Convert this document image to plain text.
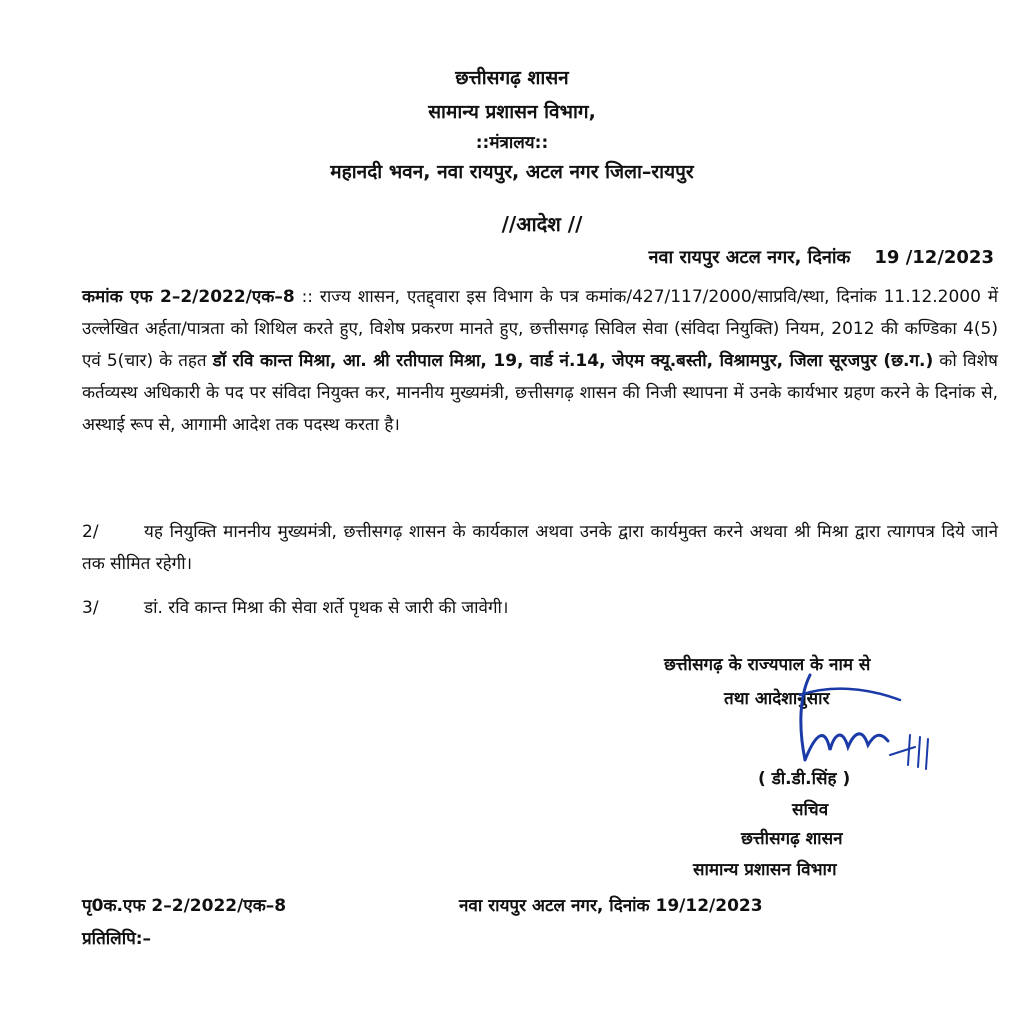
छत्तीसगढ़ शासन
सामान्य प्रशासन विभाग,
::मंत्रालय::
महानदी भवन, नवा रायपुर, अटल नगर जिला–रायपुर
//आदेश //
नवा रायपुर अटल नगर, दिनांक 19 /12/2023
कमांक एफ 2–2/2022/एक–8 :: राज्य शासन, एतद्द्वारा इस विभाग के पत्र कमांक/427/117/2000/साप्रवि/स्था, दिनांक 11.12.2000 में उल्लेखित अर्हता/पात्रता को शिथिल करते हुए, विशेष प्रकरण मानते हुए, छत्तीसगढ़ सिविल सेवा (संविदा नियुक्ति) नियम, 2012 की कण्डिका 4(5) एवं 5(चार) के तहत डॉ रवि कान्त मिश्रा, आ. श्री रतीपाल मिश्रा, 19, वार्ड नं.14, जेएम क्यू.बस्ती, विश्रामपुर, जिला सूरजपुर (छ.ग.) को विशेष कर्तव्यस्थ अधिकारी के पद पर संविदा नियुक्त कर, माननीय मुख्यमंत्री, छत्तीसगढ़ शासन की निजी स्थापना में उनके कार्यभार ग्रहण करने के दिनांक से, अस्थाई रूप से, आगामी आदेश तक पदस्थ करता है।
2/	यह नियुक्ति माननीय मुख्यमंत्री, छत्तीसगढ़ शासन के कार्यकाल अथवा उनके द्वारा कार्यमुक्त करने अथवा श्री मिश्रा द्वारा त्यागपत्र दिये जाने तक सीमित रहेगी।
3/	डां. रवि कान्त मिश्रा की सेवा शर्ते पृथक से जारी की जावेगी।
छत्तीसगढ़ के राज्यपाल के नाम से
तथा आदेशानुसार
( डी.डी.सिंह )
सचिव
छत्तीसगढ़ शासन
सामान्य प्रशासन विभाग
पृ0क.एफ 2–2/2022/एक–8	नवा रायपुर अटल नगर, दिनांक 19/12/2023
प्रतिलिपि:–
